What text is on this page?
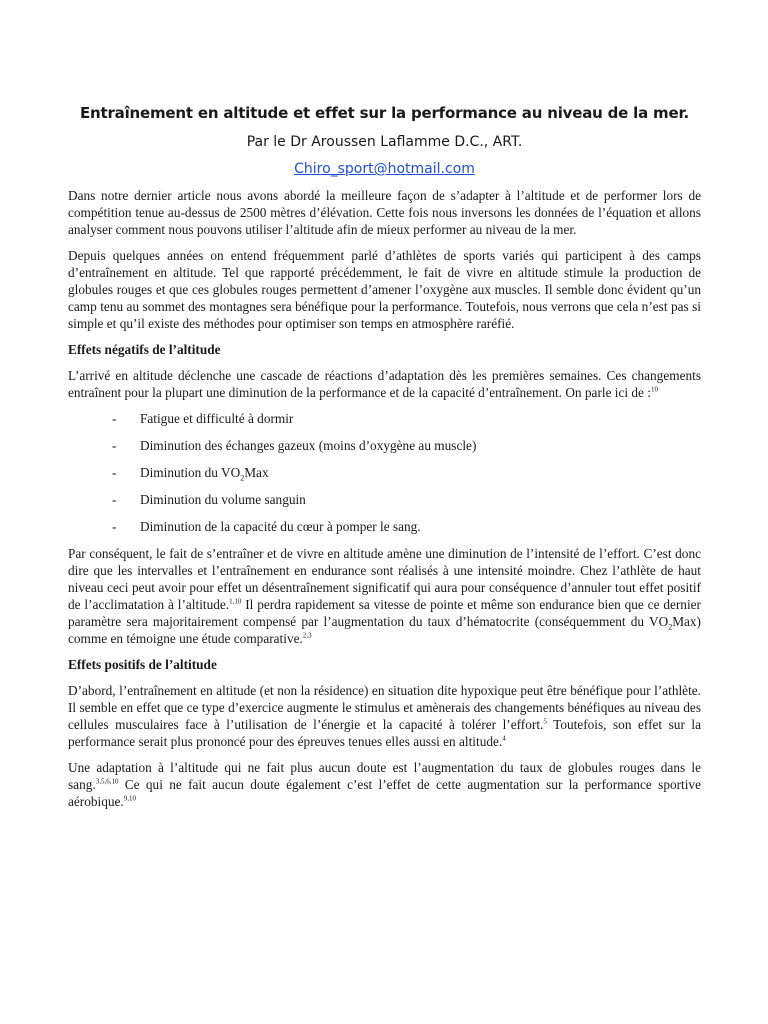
Entraînement en altitude et effet sur la performance au niveau de la mer.
Par le Dr Aroussen Laflamme D.C., ART.
Chiro_sport@hotmail.com

Dans notre dernier article nous avons abordé la meilleure façon de s’adapter à l’altitude et de performer lors de compétition tenue au-dessus de 2500 mètres d’élévation. Cette fois nous inversons les données de l’équation et allons analyser comment nous pouvons utiliser l’altitude afin de mieux performer au niveau de la mer.

Depuis quelques années on entend fréquemment parlé d’athlètes de sports variés qui participent à des camps d’entraînement en altitude. Tel que rapporté précédemment, le fait de vivre en altitude stimule la production de globules rouges et que ces globules rouges permettent d’amener l’oxygène aux muscles. Il semble donc évident qu’un camp tenu au sommet des montagnes sera bénéfique pour la performance. Toutefois, nous verrons que cela n’est pas si simple et qu’il existe des méthodes pour optimiser son temps en atmosphère raréfié.

Effets négatifs de l’altitude

L’arrivé en altitude déclenche une cascade de réactions d’adaptation dès les premières semaines. Ces changements entraînent pour la plupart une diminution de la performance et de la capacité d’entraînement. On parle ici de :$^{10}$

- Fatigue et difficulté à dormir
- Diminution des échanges gazeux (moins d’oxygène au muscle)
- Diminution du $VO_2Max$
- Diminution du volume sanguin
- Diminution de la capacité du cœur à pomper le sang.

Par conséquent, le fait de s’entraîner et de vivre en altitude amène une diminution de l’intensité de l’effort. C’est donc dire que les intervalles et l’entraînement en endurance sont réalisés à une intensité moindre. Chez l’athlète de haut niveau ceci peut avoir pour effet un désentraînement significatif qui aura pour conséquence d’annuler tout effet positif de l’acclimatation à l’altitude.$^{1,10}$ Il perdra rapidement sa vitesse de pointe et même son endurance bien que ce dernier paramètre sera majoritairement compensé par l’augmentation du taux d’hématocrite (conséquemment du $VO_2Max$) comme en témoigne une étude comparative.$^{2,3}$

Effets positifs de l’altitude

D’abord, l’entraînement en altitude (et non la résidence) en situation dite hypoxique peut être bénéfique pour l’athlète. Il semble en effet que ce type d’exercice augmente le stimulus et amènerais des changements bénéfiques au niveau des cellules musculaires face à l’utilisation de l’énergie et la capacité à tolérer l’effort.$^5$ Toutefois, son effet sur la performance serait plus prononcé pour des épreuves tenues elles aussi en altitude.$^4$

Une adaptation à l’altitude qui ne fait plus aucun doute est l’augmentation du taux de globules rouges dans le sang.$^{3,5,6,10}$ Ce qui ne fait aucun doute également c’est l’effet de cette augmentation sur la performance sportive aérobique.$^{9,10}$
